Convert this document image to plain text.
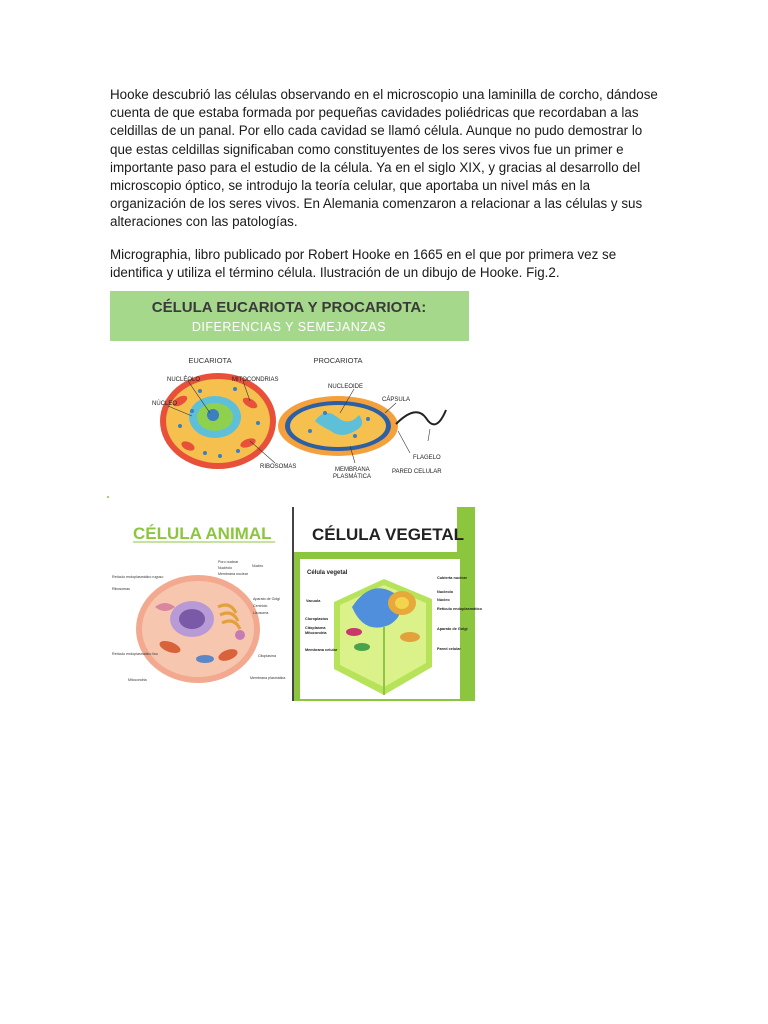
Hooke descubrió las células observando en el microscopio una laminilla de corcho, dándose cuenta de que estaba formada por pequeñas cavidades poliédricas que recordaban a las celdillas de un panal. Por ello cada cavidad se llamó célula. Aunque no pudo demostrar lo que estas celdillas significaban como constituyentes de los seres vivos fue un primer e importante paso para el estudio de la célula. Ya en el siglo XIX, y gracias al desarrollo del microscopio óptico, se introdujo la teoría celular, que aportaba un nivel más en la organización de los seres vivos. En Alemania comenzaron a relacionar a las células y sus alteraciones con las patologías.

Micrographia, libro publicado por Robert Hooke en 1665 en el que por primera vez se identifica y utiliza el término célula. Ilustración de un dibujo de Hooke. Fig.2.

CÉLULA EUCARIOTA Y PROCARIOTA:
DIFERENCIAS Y SEMEJANZAS
EUCARIOTA	PROCARIOTA
NUCLÉOLO	MITOCONDRIAS
NÚCLEO
RIBOSOMAS	MEMBRANA
PLASMÁTICA
NUCLEOIDE
CÁPSULA
FLAGELO
PARED CELULAR
CÉLULA ANIMAL
Retículo endoplasmático rugoso
Ribosomas
Retículo endoplasmático liso
Mitocondria
Poro nuclear
Nucléolo
Membrana nuclear
Núcleo
Aparato de Golgi
Centriolo
Lisosoma
Citoplasma
Membrana plasmática
CÉLULA VEGETAL
Célula vegetal
Vacuola
Cloroplastos
Citoplasma
Mitocondria
Membrana celular
Cubierta nuclear
Nucleolo
Núcleo
Retículo endoplasmático
Aparato de Golgi
Pared celular
